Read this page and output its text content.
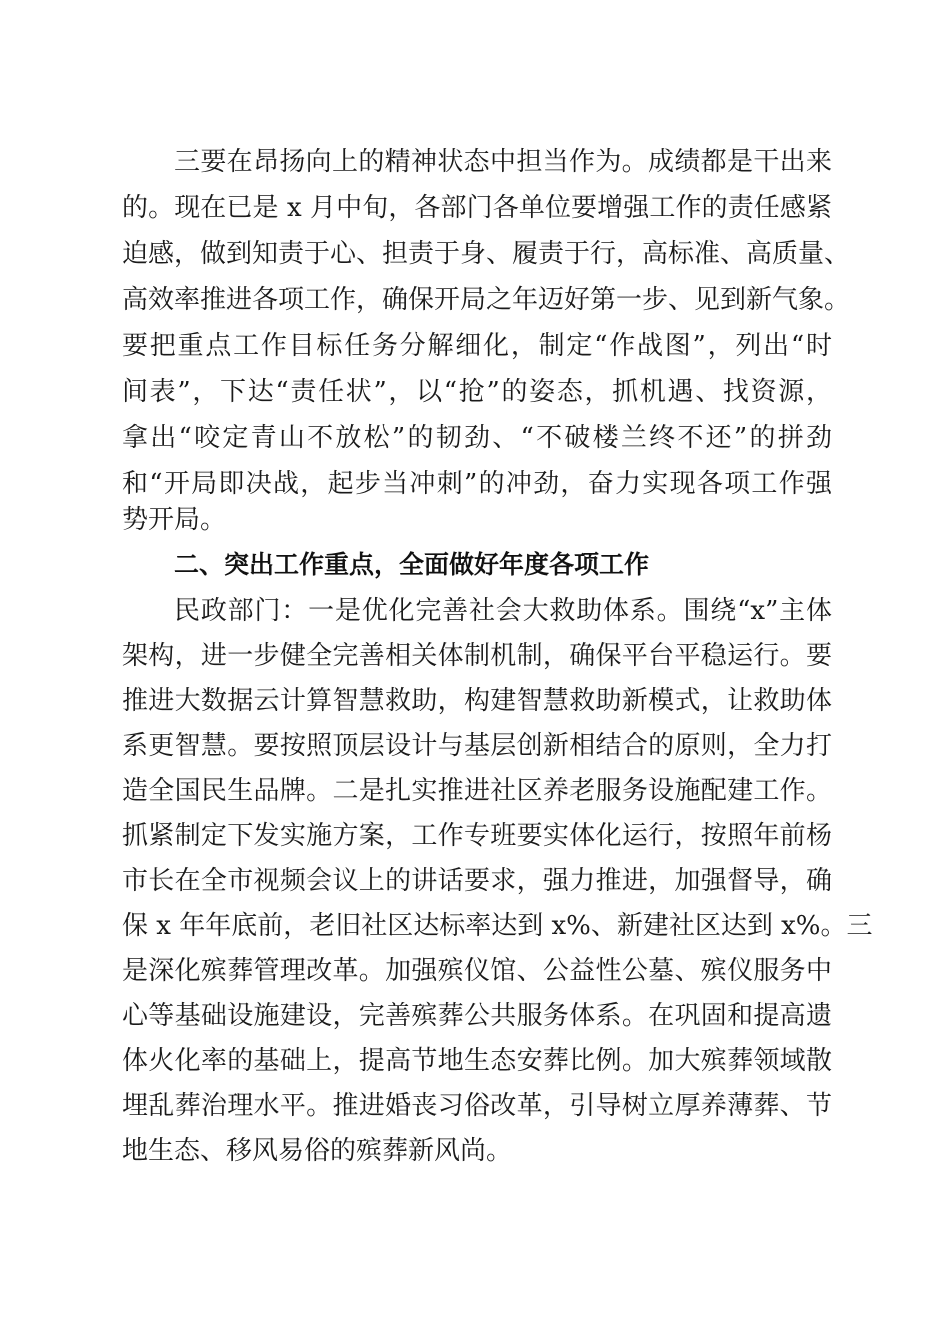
三要在昂扬向上的精神状态中担当作为。成绩都是干出来
的。现在已是 x 月中旬，各部门各单位要增强工作的责任感紧
迫感，做到知责于心、担责于身、履责于行，高标准、高质量、
高效率推进各项工作，确保开局之年迈好第一步、见到新气象。
要把重点工作目标任务分解细化，制定“作战图”，列出“时
间表”，下达“责任状”，以“抢”的姿态，抓机遇、找资源，
拿出“咬定青山不放松”的韧劲、“不破楼兰终不还”的拼劲
和“开局即决战，起步当冲刺”的冲劲，奋力实现各项工作强
势开局。
二、突出工作重点，全面做好年度各项工作
民政部门：一是优化完善社会大救助体系。围绕“x”主体
架构，进一步健全完善相关体制机制，确保平台平稳运行。要
推进大数据云计算智慧救助，构建智慧救助新模式，让救助体
系更智慧。要按照顶层设计与基层创新相结合的原则，全力打
造全国民生品牌。二是扎实推进社区养老服务设施配建工作。
抓紧制定下发实施方案，工作专班要实体化运行，按照年前杨
市长在全市视频会议上的讲话要求，强力推进，加强督导，确
保 x 年年底前，老旧社区达标率达到 x%、新建社区达到 x%。三
是深化殡葬管理改革。加强殡仪馆、公益性公墓、殡仪服务中
心等基础设施建设，完善殡葬公共服务体系。在巩固和提高遗
体火化率的基础上，提高节地生态安葬比例。加大殡葬领域散
埋乱葬治理水平。推进婚丧习俗改革，引导树立厚养薄葬、节
地生态、移风易俗的殡葬新风尚。
